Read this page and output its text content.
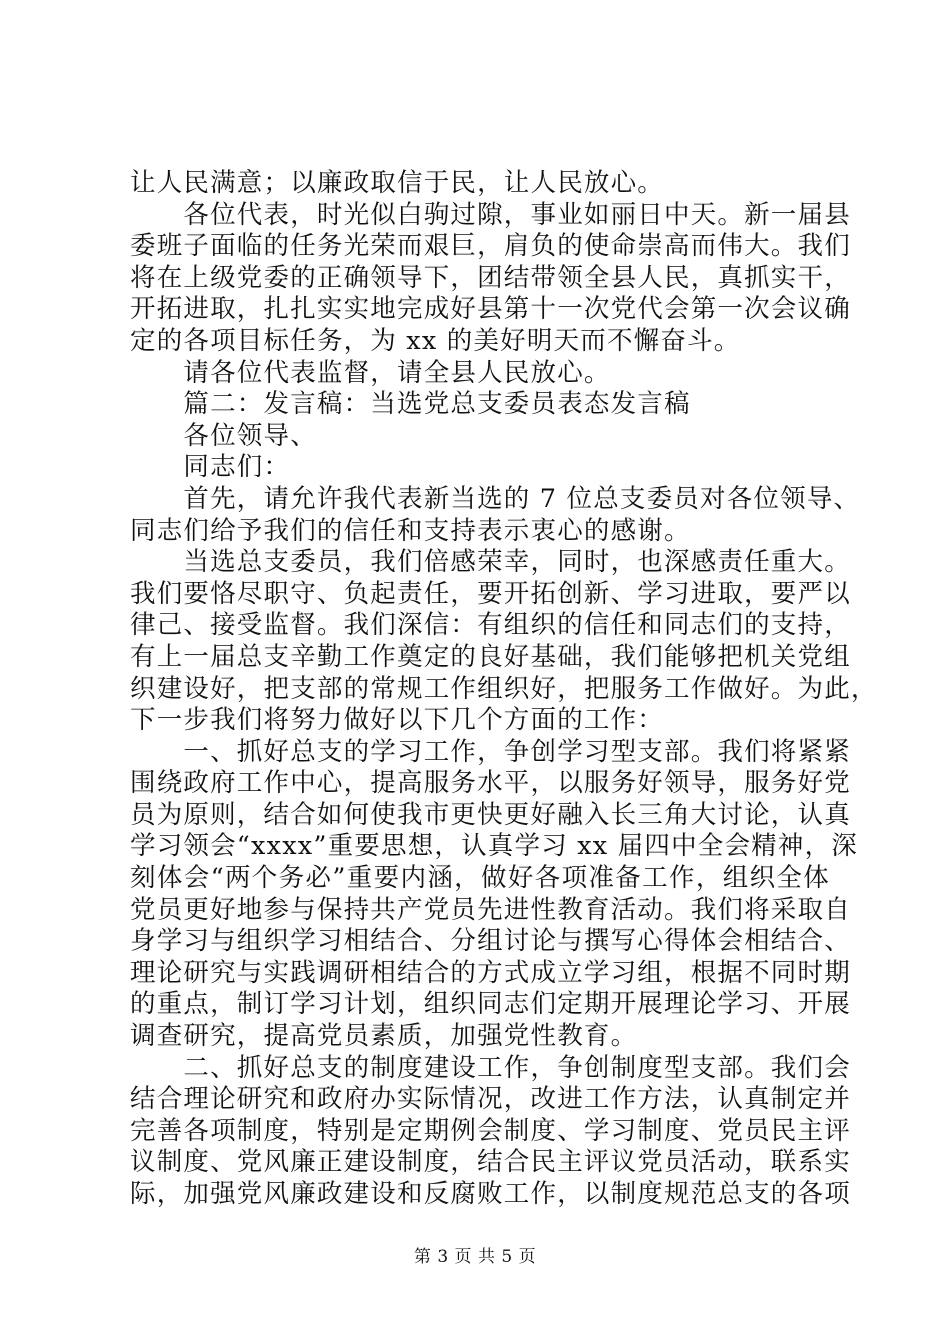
让人民满意；以廉政取信于民，让人民放心。
　　各位代表，时光似白驹过隙，事业如丽日中天。新一届县
委班子面临的任务光荣而艰巨，肩负的使命崇高而伟大。我们
将在上级党委的正确领导下，团结带领全县人民，真抓实干，
开拓进取，扎扎实实地完成好县第十一次党代会第一次会议确
定的各项目标任务，为 xx 的美好明天而不懈奋斗。
　　请各位代表监督，请全县人民放心。
　　篇二：发言稿：当选党总支委员表态发言稿
　　各位领导、
　　同志们：
　　首先，请允许我代表新当选的 7 位总支委员对各位领导、
同志们给予我们的信任和支持表示衷心的感谢。
　　当选总支委员，我们倍感荣幸，同时，也深感责任重大。
我们要恪尽职守、负起责任，要开拓创新、学习进取，要严以
律己、接受监督。我们深信：有组织的信任和同志们的支持，
有上一届总支辛勤工作奠定的良好基础，我们能够把机关党组
织建设好，把支部的常规工作组织好，把服务工作做好。为此，
下一步我们将努力做好以下几个方面的工作：
　　一、抓好总支的学习工作，争创学习型支部。我们将紧紧
围绕政府工作中心，提高服务水平，以服务好领导，服务好党
员为原则，结合如何使我市更快更好融入长三角大讨论，认真
学习领会“xxxx”重要思想，认真学习 xx 届四中全会精神，深
刻体会“两个务必”重要内涵，做好各项准备工作，组织全体
党员更好地参与保持共产党员先进性教育活动。我们将采取自
身学习与组织学习相结合、分组讨论与撰写心得体会相结合、
理论研究与实践调研相结合的方式成立学习组，根据不同时期
的重点，制订学习计划，组织同志们定期开展理论学习、开展
调查研究，提高党员素质，加强党性教育。
　　二、抓好总支的制度建设工作，争创制度型支部。我们会
结合理论研究和政府办实际情况，改进工作方法，认真制定并
完善各项制度，特别是定期例会制度、学习制度、党员民主评
议制度、党风廉正建设制度，结合民主评议党员活动，联系实
际，加强党风廉政建设和反腐败工作，以制度规范总支的各项
第 3 页 共 5 页
